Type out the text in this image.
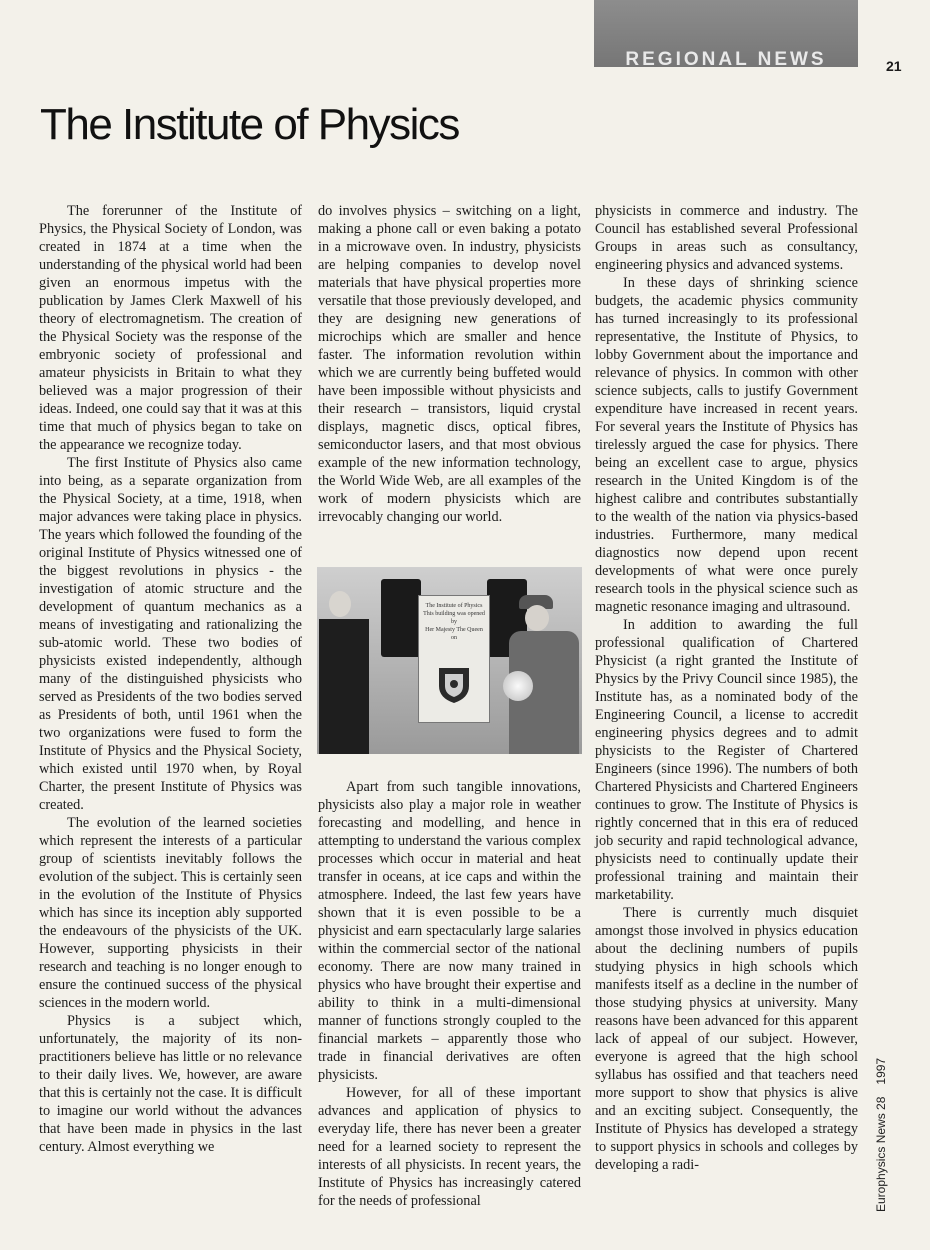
REGIONAL NEWS	21
The Institute of Physics

The forerunner of the Institute of Physics, the Physical Society of London, was created in 1874 at a time when the understanding of the physical world had been given an enormous impetus with the publication by James Clerk Maxwell of his theory of electromagnetism. The creation of the Physical Society was the response of the embryonic society of professional and amateur physicists in Britain to what they believed was a major progression of their ideas. Indeed, one could say that it was at this time that much of physics began to take on the appearance we recognize today.

The first Institute of Physics also came into being, as a separate organization from the Physical Society, at a time, 1918, when major advances were taking place in physics. The years which followed the founding of the original Institute of Physics witnessed one of the biggest revolutions in physics - the investigation of atomic structure and the development of quantum mechanics as a means of investigating and rationalizing the sub-atomic world. These two bodies of physicists existed independently, although many of the distinguished physicists who served as Presidents of the two bodies served as Presidents of both, until 1961 when the two organizations were fused to form the Institute of Physics and the Physical Society, which existed until 1970 when, by Royal Charter, the present Institute of Physics was created.

The evolution of the learned societies which represent the interests of a particular group of scientists inevitably follows the evolution of the subject. This is certainly seen in the evolution of the Institute of Physics which has since its inception ably supported the endeavours of the physicists of the UK. However, supporting physicists in their research and teaching is no longer enough to ensure the continued success of the physical sciences in the modern world.

Physics is a subject which, unfortunately, the majority of its non-practitioners believe has little or no relevance to their daily lives. We, however, are aware that this is certainly not the case. It is difficult to imagine our world without the advances that have been made in physics in the last century. Almost everything we

do involves physics – switching on a light, making a phone call or even baking a potato in a microwave oven. In industry, physicists are helping companies to develop novel materials that have physical properties more versatile that those previously developed, and they are designing new generations of microchips which are smaller and hence faster. The information revolution within which we are currently being buffeted would have been impossible without physicists and their research – transistors, liquid crystal displays, magnetic discs, optical fibres, semiconductor lasers, and that most obvious example of the new information technology, the World Wide Web, are all examples of the work of modern physicists which are irrevocably changing our world.

The Institute of Physics
This building was opened
by
Her Majesty The Queen
on

Apart from such tangible innovations, physicists also play a major role in weather forecasting and modelling, and hence in attempting to understand the various complex processes which occur in material and heat transfer in oceans, at ice caps and within the atmosphere. Indeed, the last few years have shown that it is even possible to be a physicist and earn spectacularly large salaries within the commercial sector of the national economy. There are now many trained in physics who have brought their expertise and ability to think in a multi-dimensional manner of functions strongly coupled to the financial markets – apparently those who trade in financial derivatives are often physicists.

However, for all of these important advances and application of physics to everyday life, there has never been a greater need for a learned society to represent the interests of all physicists. In recent years, the Institute of Physics has increasingly catered for the needs of professional

physicists in commerce and industry. The Council has established several Professional Groups in areas such as consultancy, engineering physics and advanced systems.

In these days of shrinking science budgets, the academic physics community has turned increasingly to its professional representative, the Institute of Physics, to lobby Government about the importance and relevance of physics. In common with other science subjects, calls to justify Government expenditure have increased in recent years. For several years the Institute of Physics has tirelessly argued the case for physics. There being an excellent case to argue, physics research in the United Kingdom is of the highest calibre and contributes substantially to the wealth of the nation via physics-based industries. Furthermore, many medical diagnostics now depend upon recent developments of what were once purely research tools in the physical science such as magnetic resonance imaging and ultrasound.

In addition to awarding the full professional qualification of Chartered Physicist (a right granted the Institute of Physics by the Privy Council since 1985), the Institute has, as a nominated body of the Engineering Council, a license to accredit engineering physics degrees and to admit physicists to the Register of Chartered Engineers (since 1996). The numbers of both Chartered Physicists and Chartered Engineers continues to grow. The Institute of Physics is rightly concerned that in this era of reduced job security and rapid technological advance, physicists need to continually update their professional training and maintain their marketability.

There is currently much disquiet amongst those involved in physics education about the declining numbers of pupils studying physics in high schools which manifests itself as a decline in the number of those studying physics at university. Many reasons have been advanced for this apparent lack of appeal of our subject. However, everyone is agreed that the high school syllabus has ossified and that teachers need more support to show that physics is alive and an exciting subject. Consequently, the Institute of Physics has developed a strategy to support physics in schools and colleges by developing a radi-	Europhysics News 281997
